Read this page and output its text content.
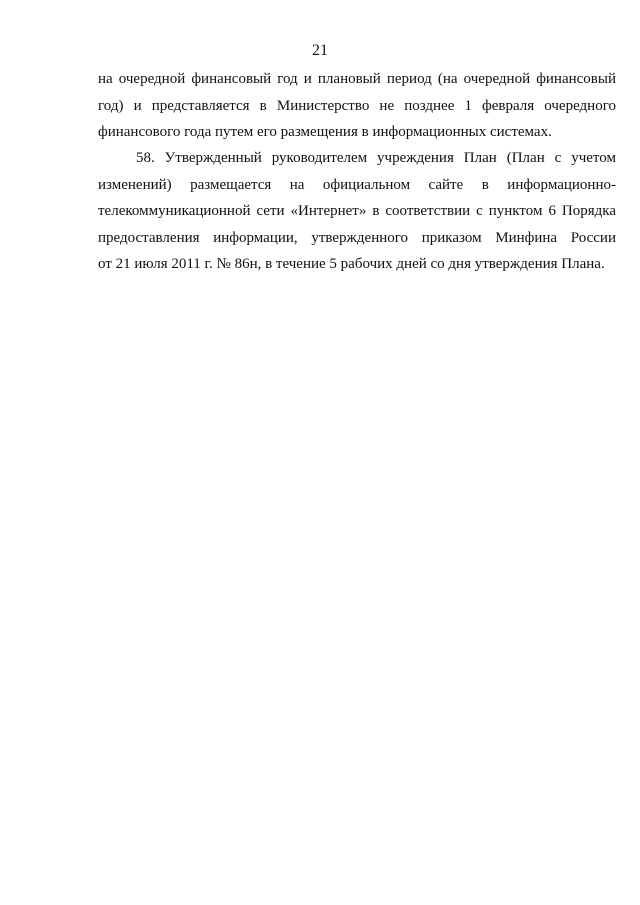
21
на очередной финансовый год и плановый период (на очередной финансовый
год) и представляется в Министерство не позднее 1 февраля очередного
финансового года путем его размещения в информационных системах.
58. Утвержденный руководителем учреждения План (План с учетом
изменений) размещается на официальном сайте в информационно-
телекоммуникационной сети «Интернет» в соответствии с пунктом 6 Порядка
предоставления информации, утвержденного приказом Минфина России
от 21 июля 2011 г. № 86н, в течение 5 рабочих дней со дня утверждения Плана.
